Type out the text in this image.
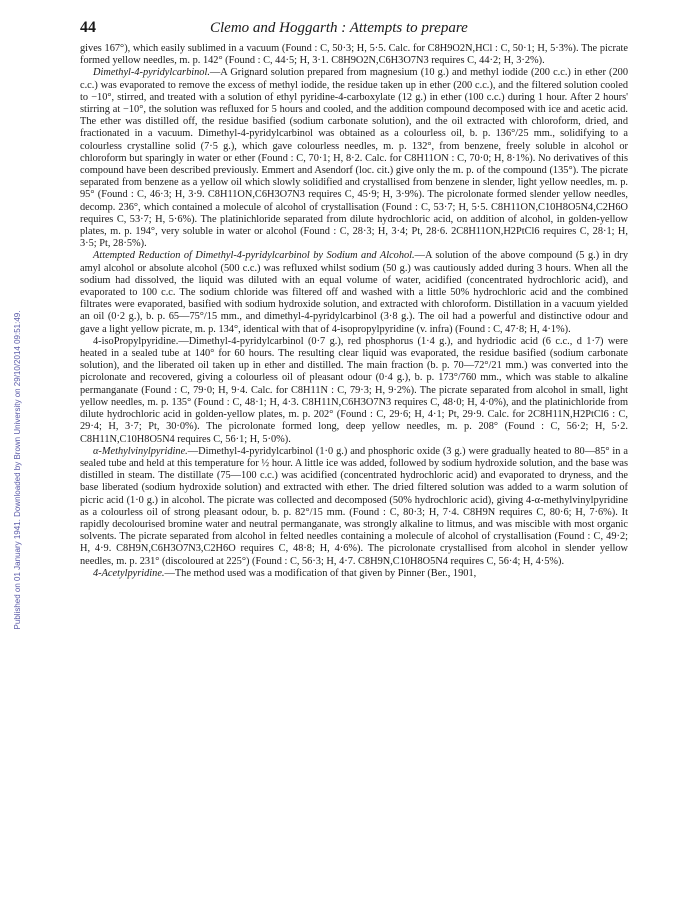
Published on 01 January 1941. Downloaded by Brown University on 29/10/2014 09:51:49.
44	Clemo and Hoggarth : Attempts to prepare

gives 167°), which easily sublimed in a vacuum (Found : C, 50·3; H, 5·5. Calc. for C8H9O2N,HCl : C, 50·1; H, 5·3%). The picrate formed yellow needles, m. p. 142° (Found : C, 44·5; H, 3·1. C8H9O2N,C6H3O7N3 requires C, 44·2; H, 3·2%).

Dimethyl-4-pyridylcarbinol.—A Grignard solution prepared from magnesium (10 g.) and methyl iodide (200 c.c.) in ether (200 c.c.) was evaporated to remove the excess of methyl iodide, the residue taken up in ether (200 c.c.), and the filtered solution cooled to −10°, stirred, and treated with a solution of ethyl pyridine-4-carboxylate (12 g.) in ether (100 c.c.) during 1 hour. After 2 hours' stirring at −10°, the solution was refluxed for 5 hours and cooled, and the addition compound decomposed with ice and acetic acid. The ether was distilled off, the residue basified (sodium carbonate solution), and the oil extracted with chloroform, dried, and fractionated in a vacuum. Dimethyl-4-pyridylcarbinol was obtained as a colourless oil, b. p. 136°/25 mm., solidifying to a colourless crystalline solid (7·5 g.), which gave colourless needles, m. p. 132°, from benzene, freely soluble in alcohol or chloroform but sparingly in water or ether (Found : C, 70·1; H, 8·2. Calc. for C8H11ON : C, 70·0; H, 8·1%). No derivatives of this compound have been described previously. Emmert and Asendorf (loc. cit.) give only the m. p. of the compound (135°). The picrate separated from benzene as a yellow oil which slowly solidified and crystallised from benzene in slender, light yellow needles, m. p. 95° (Found : C, 46·3; H, 3·9. C8H11ON,C6H3O7N3 requires C, 45·9; H, 3·9%). The picrolonate formed slender yellow needles, decomp. 236°, which contained a molecule of alcohol of crystallisation (Found : C, 53·7; H, 5·5. C8H11ON,C10H8O5N4,C2H6O requires C, 53·7; H, 5·6%). The platinichloride separated from dilute hydrochloric acid, on addition of alcohol, in golden-yellow plates, m. p. 194°, very soluble in water or alcohol (Found : C, 28·3; H, 3·4; Pt, 28·6. 2C8H11ON,H2PtCl6 requires C, 28·1; H, 3·5; Pt, 28·5%).

Attempted Reduction of Dimethyl-4-pyridylcarbinol by Sodium and Alcohol.—A solution of the above compound (5 g.) in dry amyl alcohol or absolute alcohol (500 c.c.) was refluxed whilst sodium (50 g.) was cautiously added during 3 hours. When all the sodium had dissolved, the liquid was diluted with an equal volume of water, acidified (concentrated hydrochloric acid), and evaporated to 100 c.c. The sodium chloride was filtered off and washed with a little 50% hydrochloric acid and the combined filtrates were evaporated, basified with sodium hydroxide solution, and extracted with chloroform. Distillation in a vacuum yielded an oil (0·2 g.), b. p. 65—75°/15 mm., and dimethyl-4-pyridylcarbinol (3·8 g.). The oil had a powerful and distinctive odour and gave a light yellow picrate, m. p. 134°, identical with that of 4-isopropylpyridine (v. infra) (Found : C, 47·8; H, 4·1%).

4-isoPropylpyridine.—Dimethyl-4-pyridylcarbinol (0·7 g.), red phosphorus (1·4 g.), and hydriodic acid (6 c.c., d 1·7) were heated in a sealed tube at 140° for 60 hours. The resulting clear liquid was evaporated, the residue basified (sodium carbonate solution), and the liberated oil taken up in ether and distilled. The main fraction (b. p. 70—72°/21 mm.) was converted into the picrolonate and recovered, giving a colourless oil of pleasant odour (0·4 g.), b. p. 173°/760 mm., which was stable to alkaline permanganate (Found : C, 79·0; H, 9·4. Calc. for C8H11N : C, 79·3; H, 9·2%). The picrate separated from alcohol in small, light yellow needles, m. p. 135° (Found : C, 48·1; H, 4·3. C8H11N,C6H3O7N3 requires C, 48·0; H, 4·0%), and the platinichloride from dilute hydrochloric acid in golden-yellow plates, m. p. 202° (Found : C, 29·6; H, 4·1; Pt, 29·9. Calc. for 2C8H11N,H2PtCl6 : C, 29·4; H, 3·7; Pt, 30·0%). The picrolonate formed long, deep yellow needles, m. p. 208° (Found : C, 56·2; H, 5·2. C8H11N,C10H8O5N4 requires C, 56·1; H, 5·0%).

α-Methylvinylpyridine.—Dimethyl-4-pyridylcarbinol (1·0 g.) and phosphoric oxide (3 g.) were gradually heated to 80—85° in a sealed tube and held at this temperature for ½ hour. A little ice was added, followed by sodium hydroxide solution, and the base was distilled in steam. The distillate (75—100 c.c.) was acidified (concentrated hydrochloric acid) and evaporated to dryness, and the base liberated (sodium hydroxide solution) and extracted with ether. The dried filtered solution was added to a warm solution of picric acid (1·0 g.) in alcohol. The picrate was collected and decomposed (50% hydrochloric acid), giving 4-α-methylvinylpyridine as a colourless oil of strong pleasant odour, b. p. 82°/15 mm. (Found : C, 80·3; H, 7·4. C8H9N requires C, 80·6; H, 7·6%). It rapidly decolourised bromine water and neutral permanganate, was strongly alkaline to litmus, and was miscible with most organic solvents. The picrate separated from alcohol in felted needles containing a molecule of alcohol of crystallisation (Found : C, 49·2; H, 4·9. C8H9N,C6H3O7N3,C2H6O requires C, 48·8; H, 4·6%). The picrolonate crystallised from alcohol in slender yellow needles, m. p. 231° (discoloured at 225°) (Found : C, 56·3; H, 4·7. C8H9N,C10H8O5N4 requires C, 56·4; H, 4·5%).

4-Acetylpyridine.—The method used was a modification of that given by Pinner (Ber., 1901,
